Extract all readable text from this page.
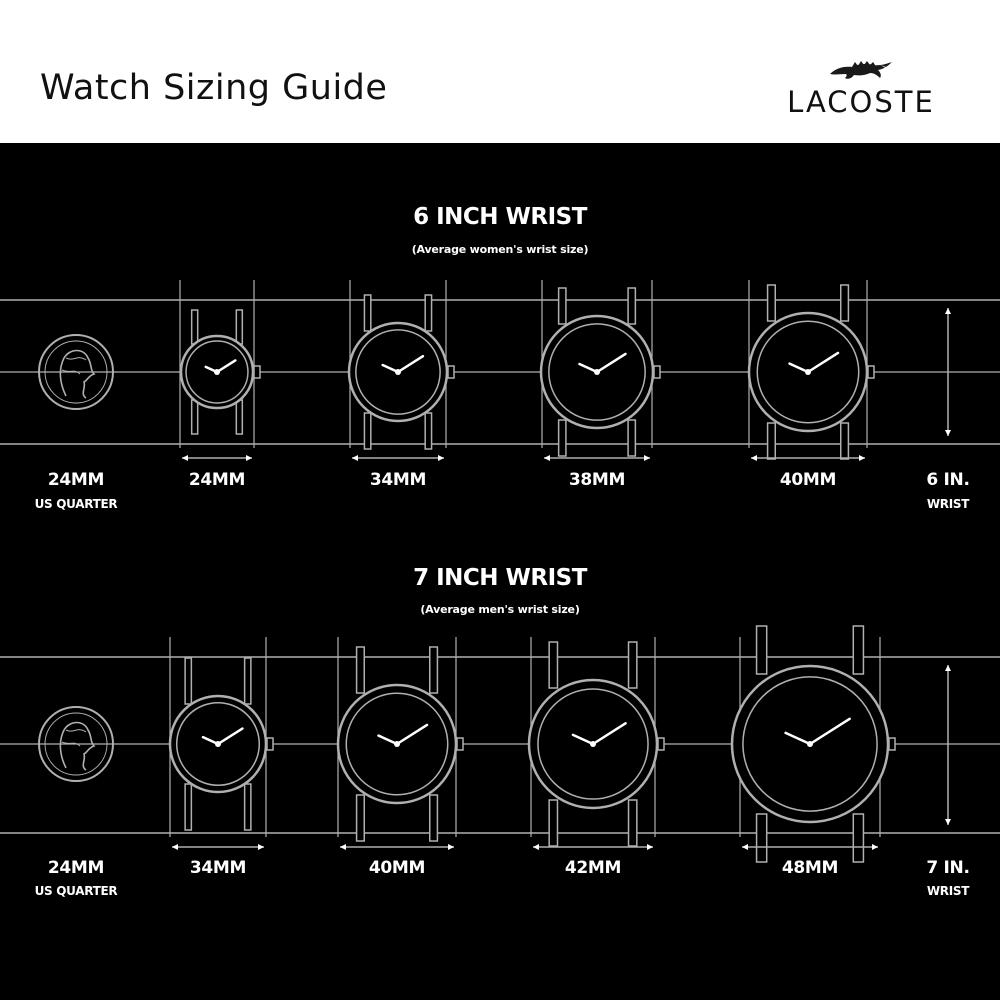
Watch Sizing Guide	LACOSTE
6 INCH WRIST
(Average women's wrist size)
24MM
US QUARTER
24MM	34MM	38MM	40MM	6 IN.
WRIST
7 INCH WRIST
(Average men's wrist size)
24MM
US QUARTER
34MM	40MM	42MM	48MM	7 IN.
WRIST
